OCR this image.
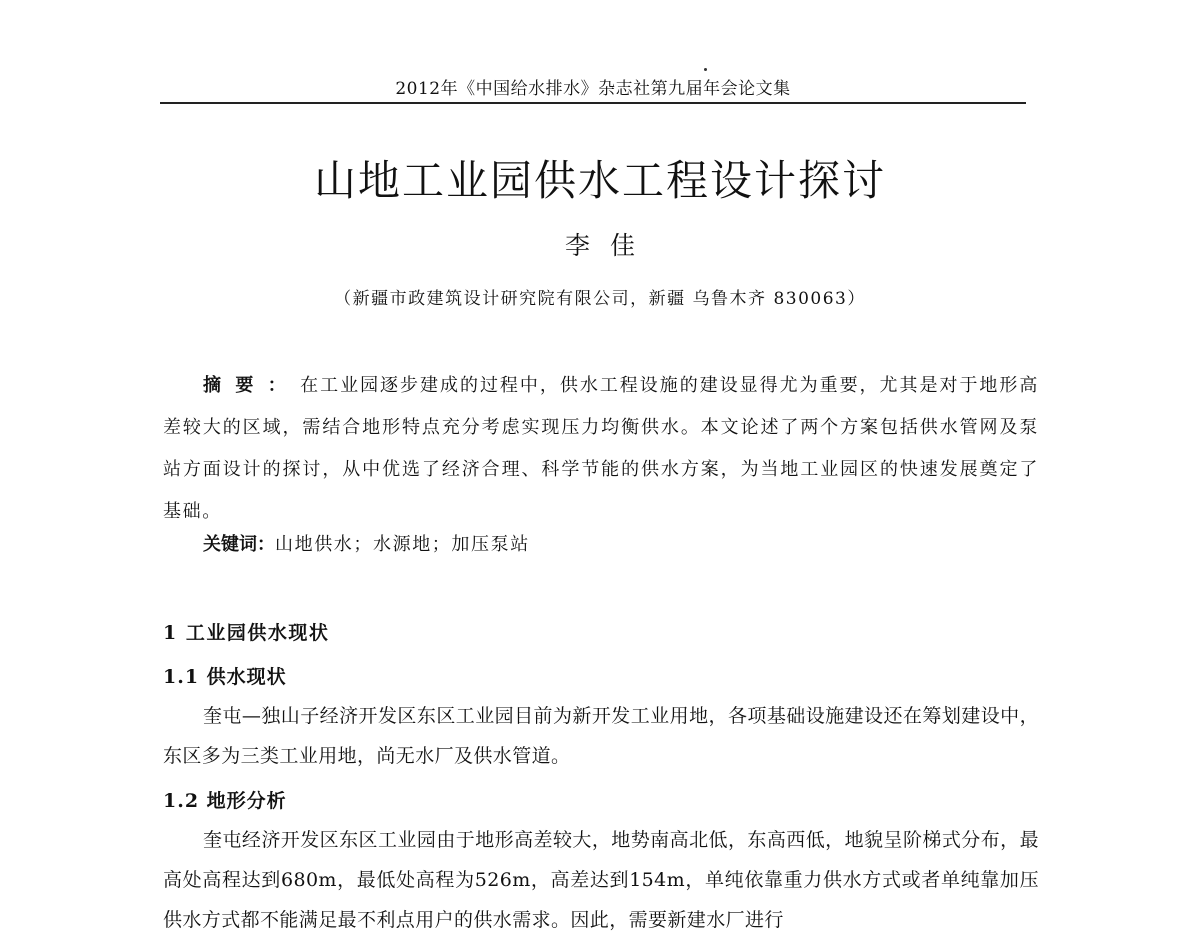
2012年《中国给水排水》杂志社第九届年会论文集
山地工业园供水工程设计探讨
李佳
（新疆市政建筑设计研究院有限公司，新疆 乌鲁木齐 830063）
摘要：在工业园逐步建成的过程中，供水工程设施的建设显得尤为重要，尤其是对于地形高差较大的区域，需结合地形特点充分考虑实现压力均衡供水。本文论述了两个方案包括供水管网及泵站方面设计的探讨，从中优选了经济合理、科学节能的供水方案，为当地工业园区的快速发展奠定了基础。
关键词：山地供水；水源地；加压泵站
1 工业园供水现状
1.1 供水现状
奎屯—独山子经济开发区东区工业园目前为新开发工业用地，各项基础设施建设还在筹划建设中，东区多为三类工业用地，尚无水厂及供水管道。
1.2 地形分析
奎屯经济开发区东区工业园由于地形高差较大，地势南高北低，东高西低，地貌呈阶梯式分布，最高处高程达到680m，最低处高程为526m，高差达到154m，单纯依靠重力供水方式或者单纯靠加压供水方式都不能满足最不利点用户的供水需求。因此，需要新建水厂进行
